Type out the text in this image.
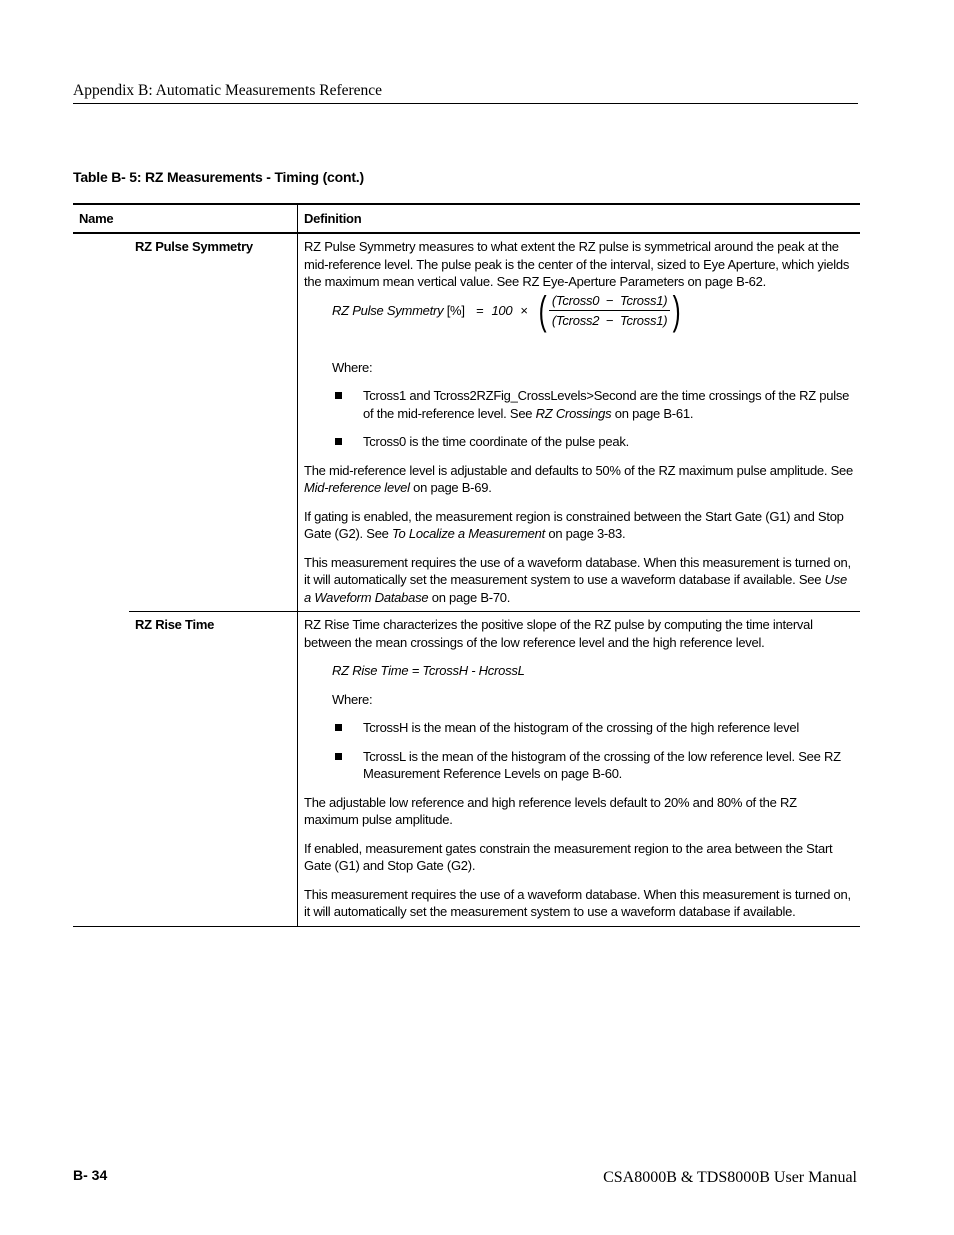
Appendix B: Automatic Measurements Reference
Table B- 5: RZ Measurements - Timing (cont.)
Name	Definition
RZ Pulse Symmetry	RZ Pulse Symmetry measures to what extent the RZ pulse is symmetrical around the peak at the mid-reference level. The pulse peak is the center of the interval, sized to Eye Aperture, which yields the maximum mean vertical value. See RZ Eye-Aperture Parameters on page B-62.

RZ Pulse Symmetry [%] = 100 × ( $\frac{\text{(Tcross0  −  Tcross1)}}{\text{(Tcross2  −  Tcross1)}}$ )

Where:

Tcross1 and Tcross2RZFig_CrossLevels>Second are the time crossings of the RZ pulse of the mid-reference level. See RZ Crossings on page B-61.
Tcross0 is the time coordinate of the pulse peak.

The mid-reference level is adjustable and defaults to 50% of the RZ maximum pulse amplitude. See Mid-reference level on page B-69.

If gating is enabled, the measurement region is constrained between the Start Gate (G1) and Stop Gate (G2). See To Localize a Measurement on page 3-83.

This measurement requires the use of a waveform database. When this measurement is turned on, it will automatically set the measurement system to use a waveform database if available. See Use a Waveform Database on page B-70.

RZ Rise Time	RZ Rise Time characterizes the positive slope of the RZ pulse by computing the time interval between the mean crossings of the low reference level and the high reference level.

RZ Rise Time = TcrossH - HcrossL

Where:

TcrossH is the mean of the histogram of the crossing of the high reference level
TcrossL is the mean of the histogram of the crossing of the low reference level. See RZ Measurement Reference Levels on page B-60.

The adjustable low reference and high reference levels default to 20% and 80% of the RZ maximum pulse amplitude.

If enabled, measurement gates constrain the measurement region to the area between the Start Gate (G1) and Stop Gate (G2).

This measurement requires the use of a waveform database. When this measurement is turned on, it will automatically set the measurement system to use a waveform database if available.

B- 34	CSA8000B & TDS8000B User Manual
